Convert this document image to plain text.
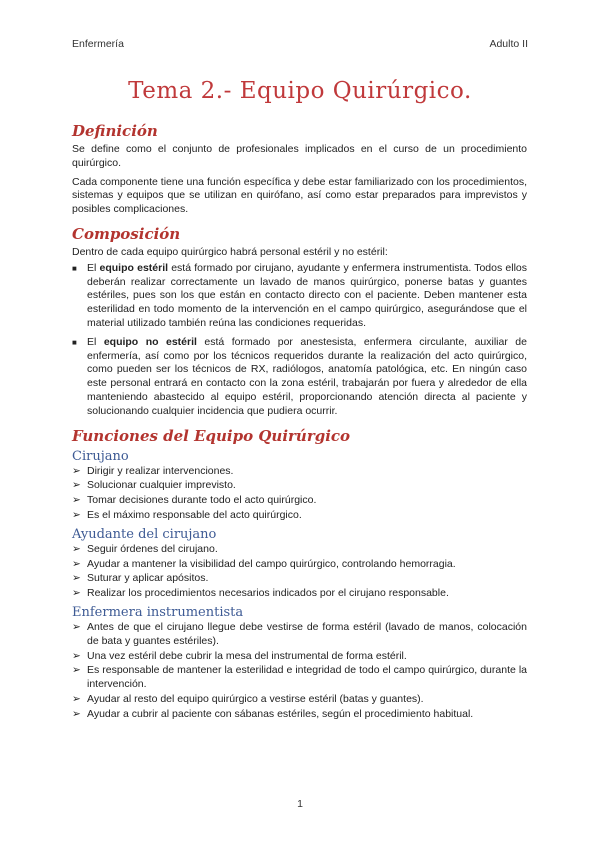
Enfermería	Adulto II
Tema 2.- Equipo Quirúrgico.
Definición

Se define como el conjunto de profesionales implicados en el curso de un procedimiento quirúrgico.

Cada componente tiene una función específica y debe estar familiarizado con los procedimientos, sistemas y equipos que se utilizan en quirófano, así como estar preparados para imprevistos y posibles complicaciones.

Composición

Dentro de cada equipo quirúrgico habrá personal estéril y no estéril:

■ El equipo estéril está formado por cirujano, ayudante y enfermera instrumentista. Todos ellos deberán realizar correctamente un lavado de manos quirúrgico, ponerse batas y guantes estériles, pues son los que están en contacto directo con el paciente. Deben mantener esta esterilidad en todo momento de la intervención en el campo quirúrgico, asegurándose que el material utilizado también reúna las condiciones requeridas.
■ El equipo no estéril está formado por anestesista, enfermera circulante, auxiliar de enfermería, así como por los técnicos requeridos durante la realización del acto quirúrgico, como pueden ser los técnicos de RX, radiólogos, anatomía patológica, etc. En ningún caso este personal entrará en contacto con la zona estéril, trabajarán por fuera y alrededor de ella manteniendo abastecido al equipo estéril, proporcionando atención directa al paciente y solucionando cualquier incidencia que pudiera ocurrir.
Funciones del Equipo Quirúrgico
Cirujano
➢ Dirigir y realizar intervenciones.
➢ Solucionar cualquier imprevisto.
➢ Tomar decisiones durante todo el acto quirúrgico.
➢ Es el máximo responsable del acto quirúrgico.
Ayudante del cirujano
➢ Seguir órdenes del cirujano.
➢ Ayudar a mantener la visibilidad del campo quirúrgico, controlando hemorragia.
➢ Suturar y aplicar apósitos.
➢ Realizar los procedimientos necesarios indicados por el cirujano responsable.
Enfermera instrumentista
➢ Antes de que el cirujano llegue debe vestirse de forma estéril (lavado de manos, colocación de bata y guantes estériles).
➢ Una vez estéril debe cubrir la mesa del instrumental de forma estéril.
➢ Es responsable de mantener la esterilidad e integridad de todo el campo quirúrgico, durante la intervención.
➢ Ayudar al resto del equipo quirúrgico a vestirse estéril (batas y guantes).
➢ Ayudar a cubrir al paciente con sábanas estériles, según el procedimiento habitual.
1
